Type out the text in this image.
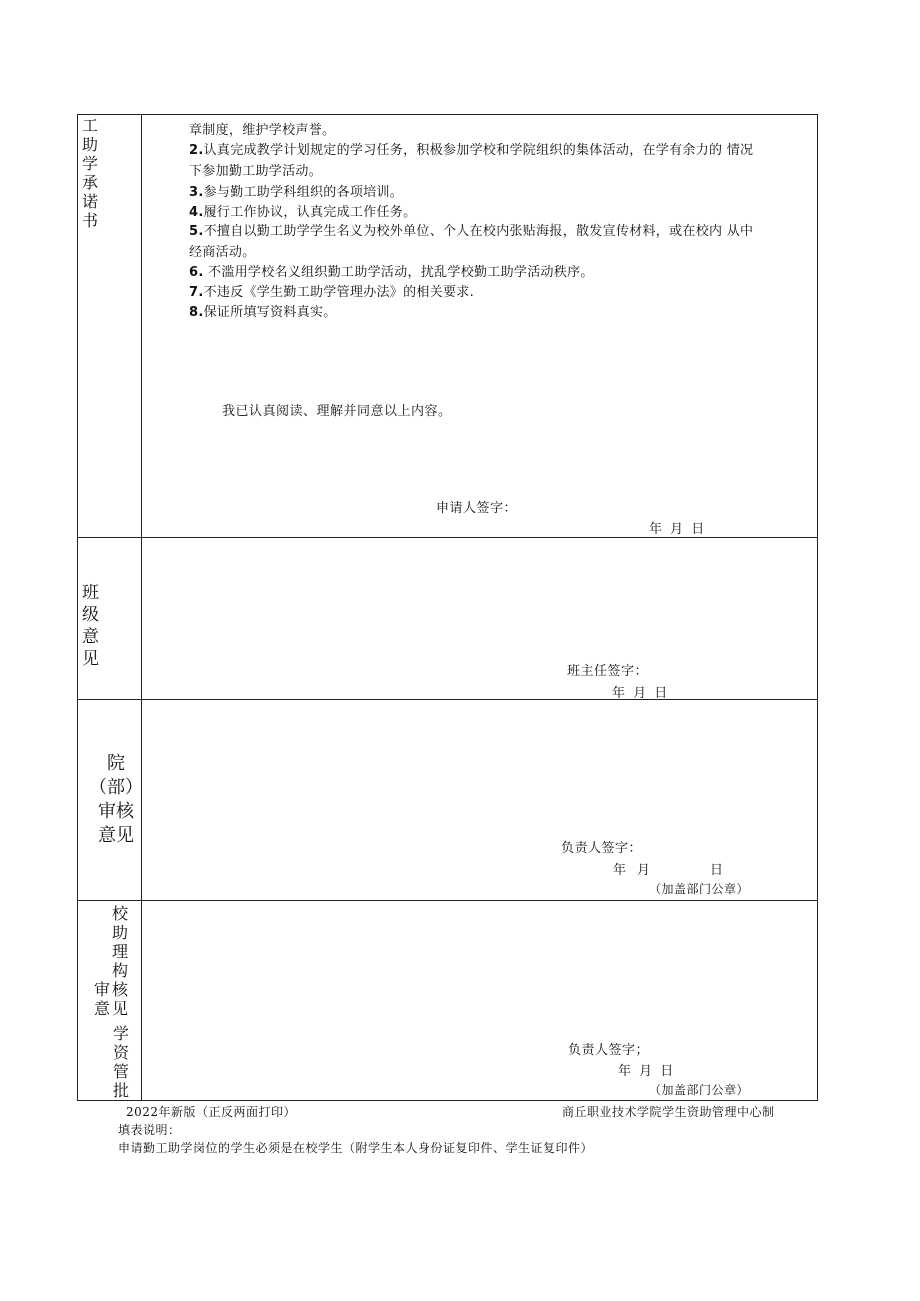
工
助
学
承
诺
书
章制度，维护学校声誉。
2.认真完成教学计划规定的学习任务，积极参加学校和学院组织的集体活动，在学有余力的 情况
下参加勤工助学活动。
3.参与勤工助学科组织的各项培训。
4.履行工作协议，认真完成工作任务。
5.不擅自以勤工助学学生名义为校外单位、个人在校内张贴海报，散发宣传材料，或在校内 从中
经商活动。
6. 不滥用学校名义组织勤工助学活动，扰乱学校勤工助学活动秩序。
7.不违反《学生勤工助学管理办法》的相关要求.
8.保证所填写资料真实。
我已认真阅读、理解并同意以上内容。
申请人签字：
年 月 日
班
级
意
见
班主任签字：
年 月 日
院
（部）
审核
意见
负责人签字：
年 月	日
（加盖部门公章）
校
助
理
构
核
见
审
意
学
资
管
批
负责人签字；
年 月 日
（加盖部门公章）
2022年新版（正反两面打印）	商丘职业技术学院学生资助管理中心制
填表说明：
申请勤工助学岗位的学生必须是在校学生（附学生本人身份证复印件、学生证复印件）
